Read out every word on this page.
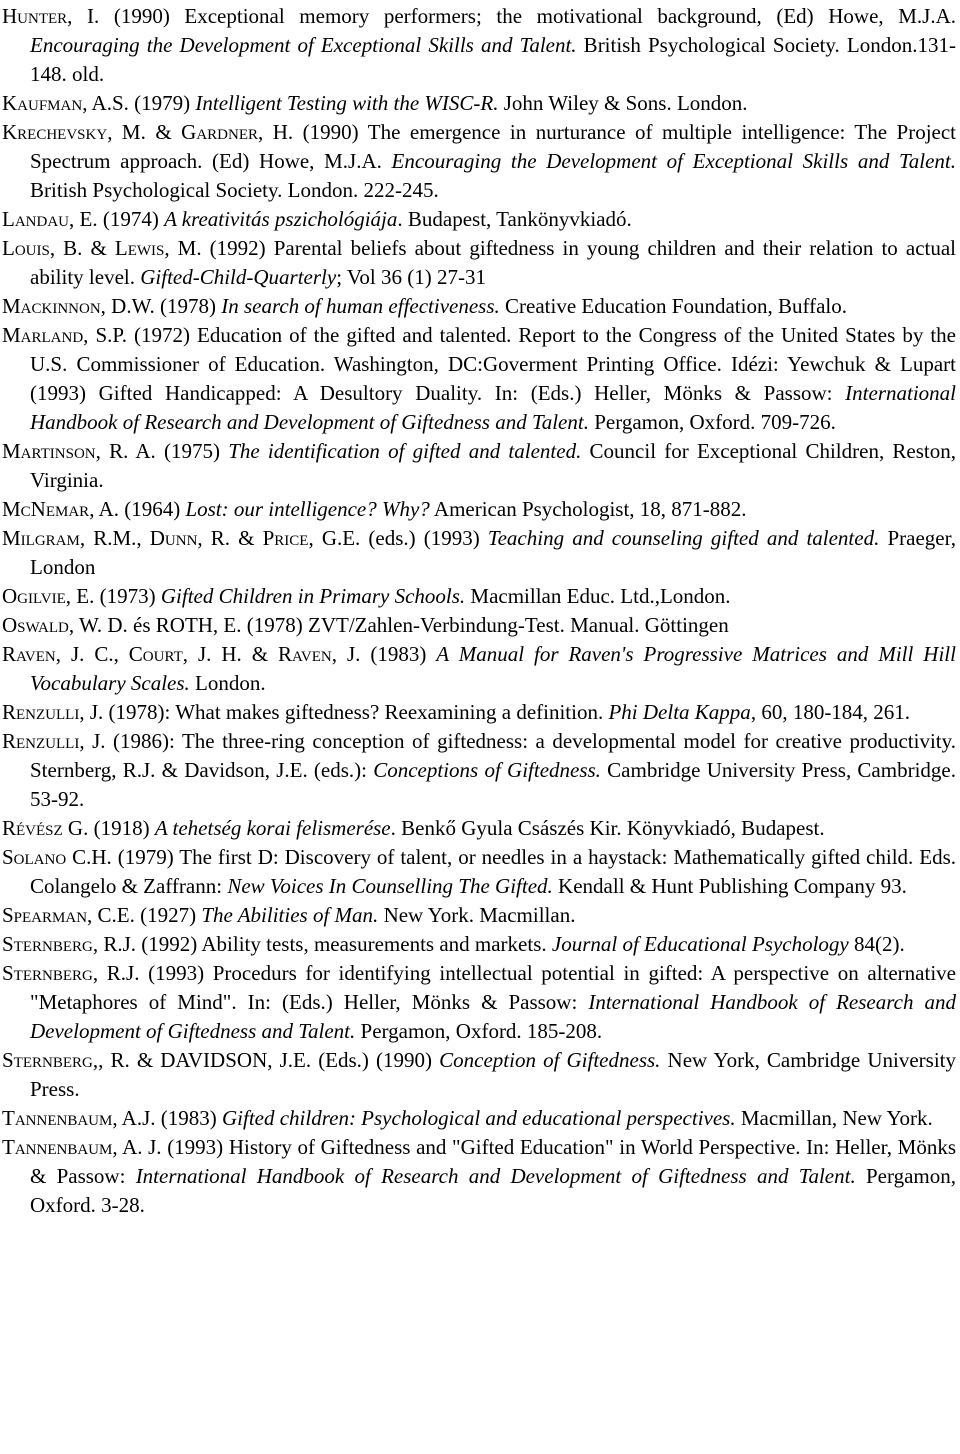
Hunter, I. (1990) Exceptional memory performers; the motivational background, (Ed) Howe, M.J.A. Encouraging the Development of Exceptional Skills and Talent. British Psychological Society. London.131-148. old.

Kaufman, A.S. (1979) Intelligent Testing with the WISC-R. John Wiley & Sons. London.

Krechevsky, M. & Gardner, H. (1990) The emergence in nurturance of multiple intelligence: The Project Spectrum approach. (Ed) Howe, M.J.A. Encouraging the Development of Exceptional Skills and Talent. British Psychological Society. London. 222-245.

Landau, E. (1974) A kreativitás pszichológiája. Budapest, Tankönyvkiadó.

Louis, B. & Lewis, M. (1992) Parental beliefs about giftedness in young children and their relation to actual ability level. Gifted-Child-Quarterly; Vol 36 (1) 27-31

Mackinnon, D.W. (1978) In search of human effectiveness. Creative Education Foundation, Buffalo.

Marland, S.P. (1972) Education of the gifted and talented. Report to the Congress of the United States by the U.S. Commissioner of Education. Washington, DC:Goverment Printing Office. Idézi: Yewchuk & Lupart (1993) Gifted Handicapped: A Desultory Duality. In: (Eds.) Heller, Mönks & Passow: International Handbook of Research and Development of Giftedness and Talent. Pergamon, Oxford. 709-726.

Martinson, R. A. (1975) The identification of gifted and talented. Council for Exceptional Children, Reston, Virginia.

McNemar, A. (1964) Lost: our intelligence? Why? American Psychologist, 18, 871-882.

Milgram, R.M., Dunn, R. & Price, G.E. (eds.) (1993) Teaching and counseling gifted and talented. Praeger, London

Ogilvie, E. (1973) Gifted Children in Primary Schools. Macmillan Educ. Ltd.,London.

Oswald, W. D. és ROTH, E. (1978) ZVT/Zahlen-Verbindung-Test. Manual. Göttingen

Raven, J. C., Court, J. H. & Raven, J. (1983) A Manual for Raven's Progressive Matrices and Mill Hill Vocabulary Scales. London.

Renzulli, J. (1978): What makes giftedness? Reexamining a definition. Phi Delta Kappa, 60, 180-184, 261.

Renzulli, J. (1986): The three-ring conception of giftedness: a developmental model for creative productivity. Sternberg, R.J. & Davidson, J.E. (eds.): Conceptions of Giftedness. Cambridge University Press, Cambridge. 53-92.

Révész G. (1918) A tehetség korai felismerése. Benkő Gyula Császés Kir. Könyvkiadó, Budapest.

Solano C.H. (1979) The first D: Discovery of talent, or needles in a haystack: Mathematically gifted child. Eds. Colangelo & Zaffrann: New Voices In Counselling The Gifted. Kendall & Hunt Publishing Company 93.

Spearman, C.E. (1927) The Abilities of Man. New York. Macmillan.

Sternberg, R.J. (1992) Ability tests, measurements and markets. Journal of Educational Psychology 84(2).

Sternberg, R.J. (1993) Procedurs for identifying intellectual potential in gifted: A perspective on alternative "Metaphores of Mind". In: (Eds.) Heller, Mönks & Passow: International Handbook of Research and Development of Giftedness and Talent. Pergamon, Oxford. 185-208.

Sternberg,, R. & DAVIDSON, J.E. (Eds.) (1990) Conception of Giftedness. New York, Cambridge University Press.

Tannenbaum, A.J. (1983) Gifted children: Psychological and educational perspectives. Macmillan, New York.

Tannenbaum, A. J. (1993) History of Giftedness and "Gifted Education" in World Perspective. In: Heller, Mönks & Passow: International Handbook of Research and Development of Giftedness and Talent. Pergamon, Oxford. 3-28.
